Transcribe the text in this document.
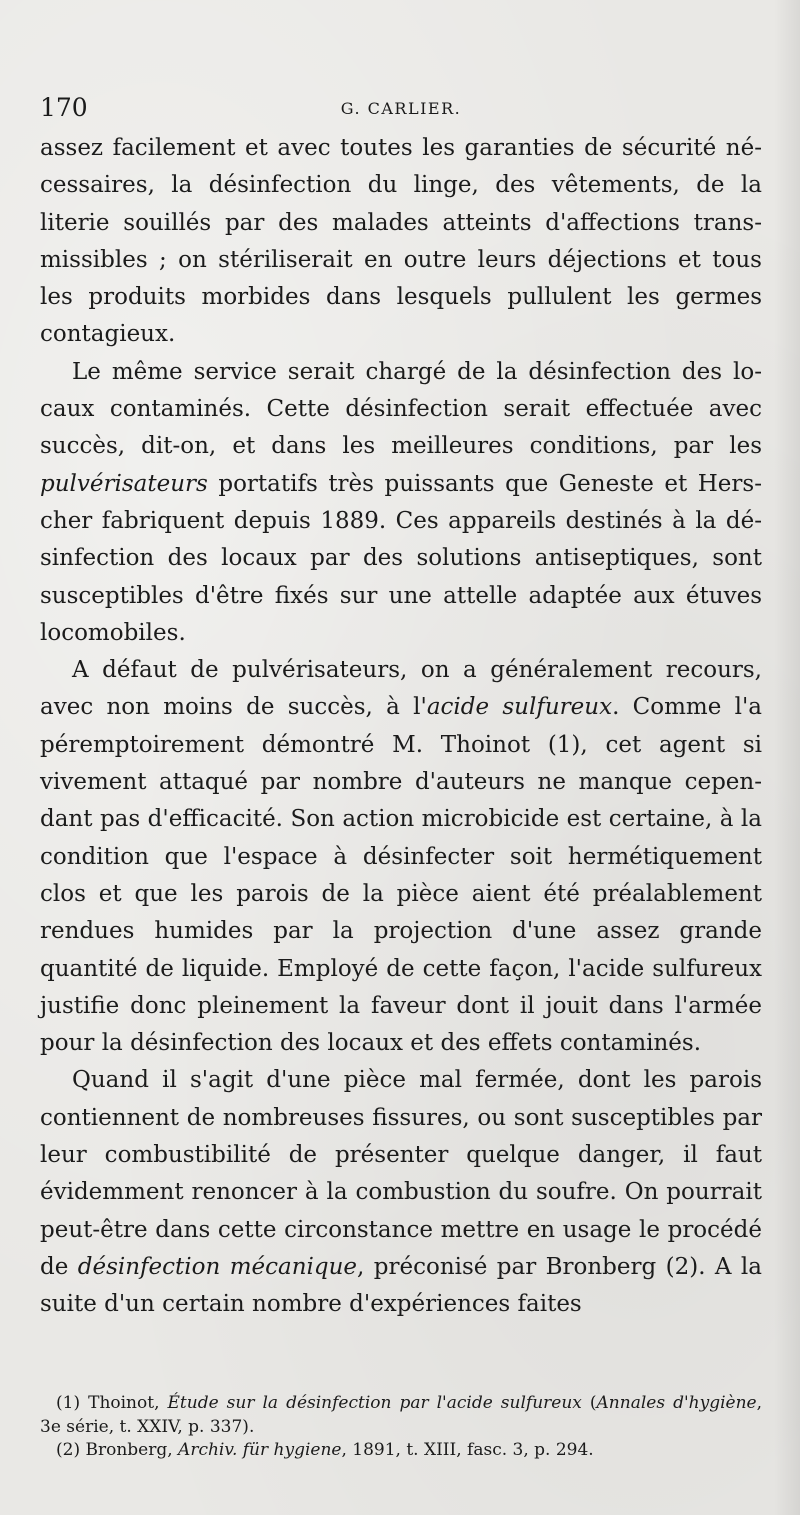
170	G. CARLIER.

assez facilement et avec toutes les garanties de sécurité nécessaires, la désinfection du linge, des vêtements, de la literie souillés par des malades atteints d'affections transmissibles ; on stériliserait en outre leurs déjections et tous les produits morbides dans lesquels pullulent les germes contagieux.

Le même service serait chargé de la désinfection des locaux contaminés. Cette désinfection serait effectuée avec succès, dit-on, et dans les meilleures conditions, par les pulvérisateurs portatifs très puissants que Geneste et Herscher fabriquent depuis 1889. Ces appareils destinés à la désinfection des locaux par des solutions antiseptiques, sont susceptibles d'être fixés sur une attelle adaptée aux étuves locomobiles.

A défaut de pulvérisateurs, on a généralement recours, avec non moins de succès, à l'acide sulfureux. Comme l'a péremptoirement démontré M. Thoinot (1), cet agent si vivement attaqué par nombre d'auteurs ne manque cependant pas d'efficacité. Son action microbicide est certaine, à la condition que l'espace à désinfecter soit hermétiquement clos et que les parois de la pièce aient été préalablement rendues humides par la projection d'une assez grande quantité de liquide. Employé de cette façon, l'acide sulfureux justifie donc pleinement la faveur dont il jouit dans l'armée pour la désinfection des locaux et des effets contaminés.

Quand il s'agit d'une pièce mal fermée, dont les parois contiennent de nombreuses fissures, ou sont susceptibles par leur combustibilité de présenter quelque danger, il faut évidemment renoncer à la combustion du soufre. On pourrait peut-être dans cette circonstance mettre en usage le procédé de désinfection mécanique, préconisé par Bronberg (2). A la suite d'un certain nombre d'expériences faites

(1) Thoinot, Étude sur la désinfection par l'acide sulfureux (Annales d'hygiène, 3e série, t. XXIV, p. 337).

(2) Bronberg, Archiv. für hygiene, 1891, t. XIII, fasc. 3, p. 294.
